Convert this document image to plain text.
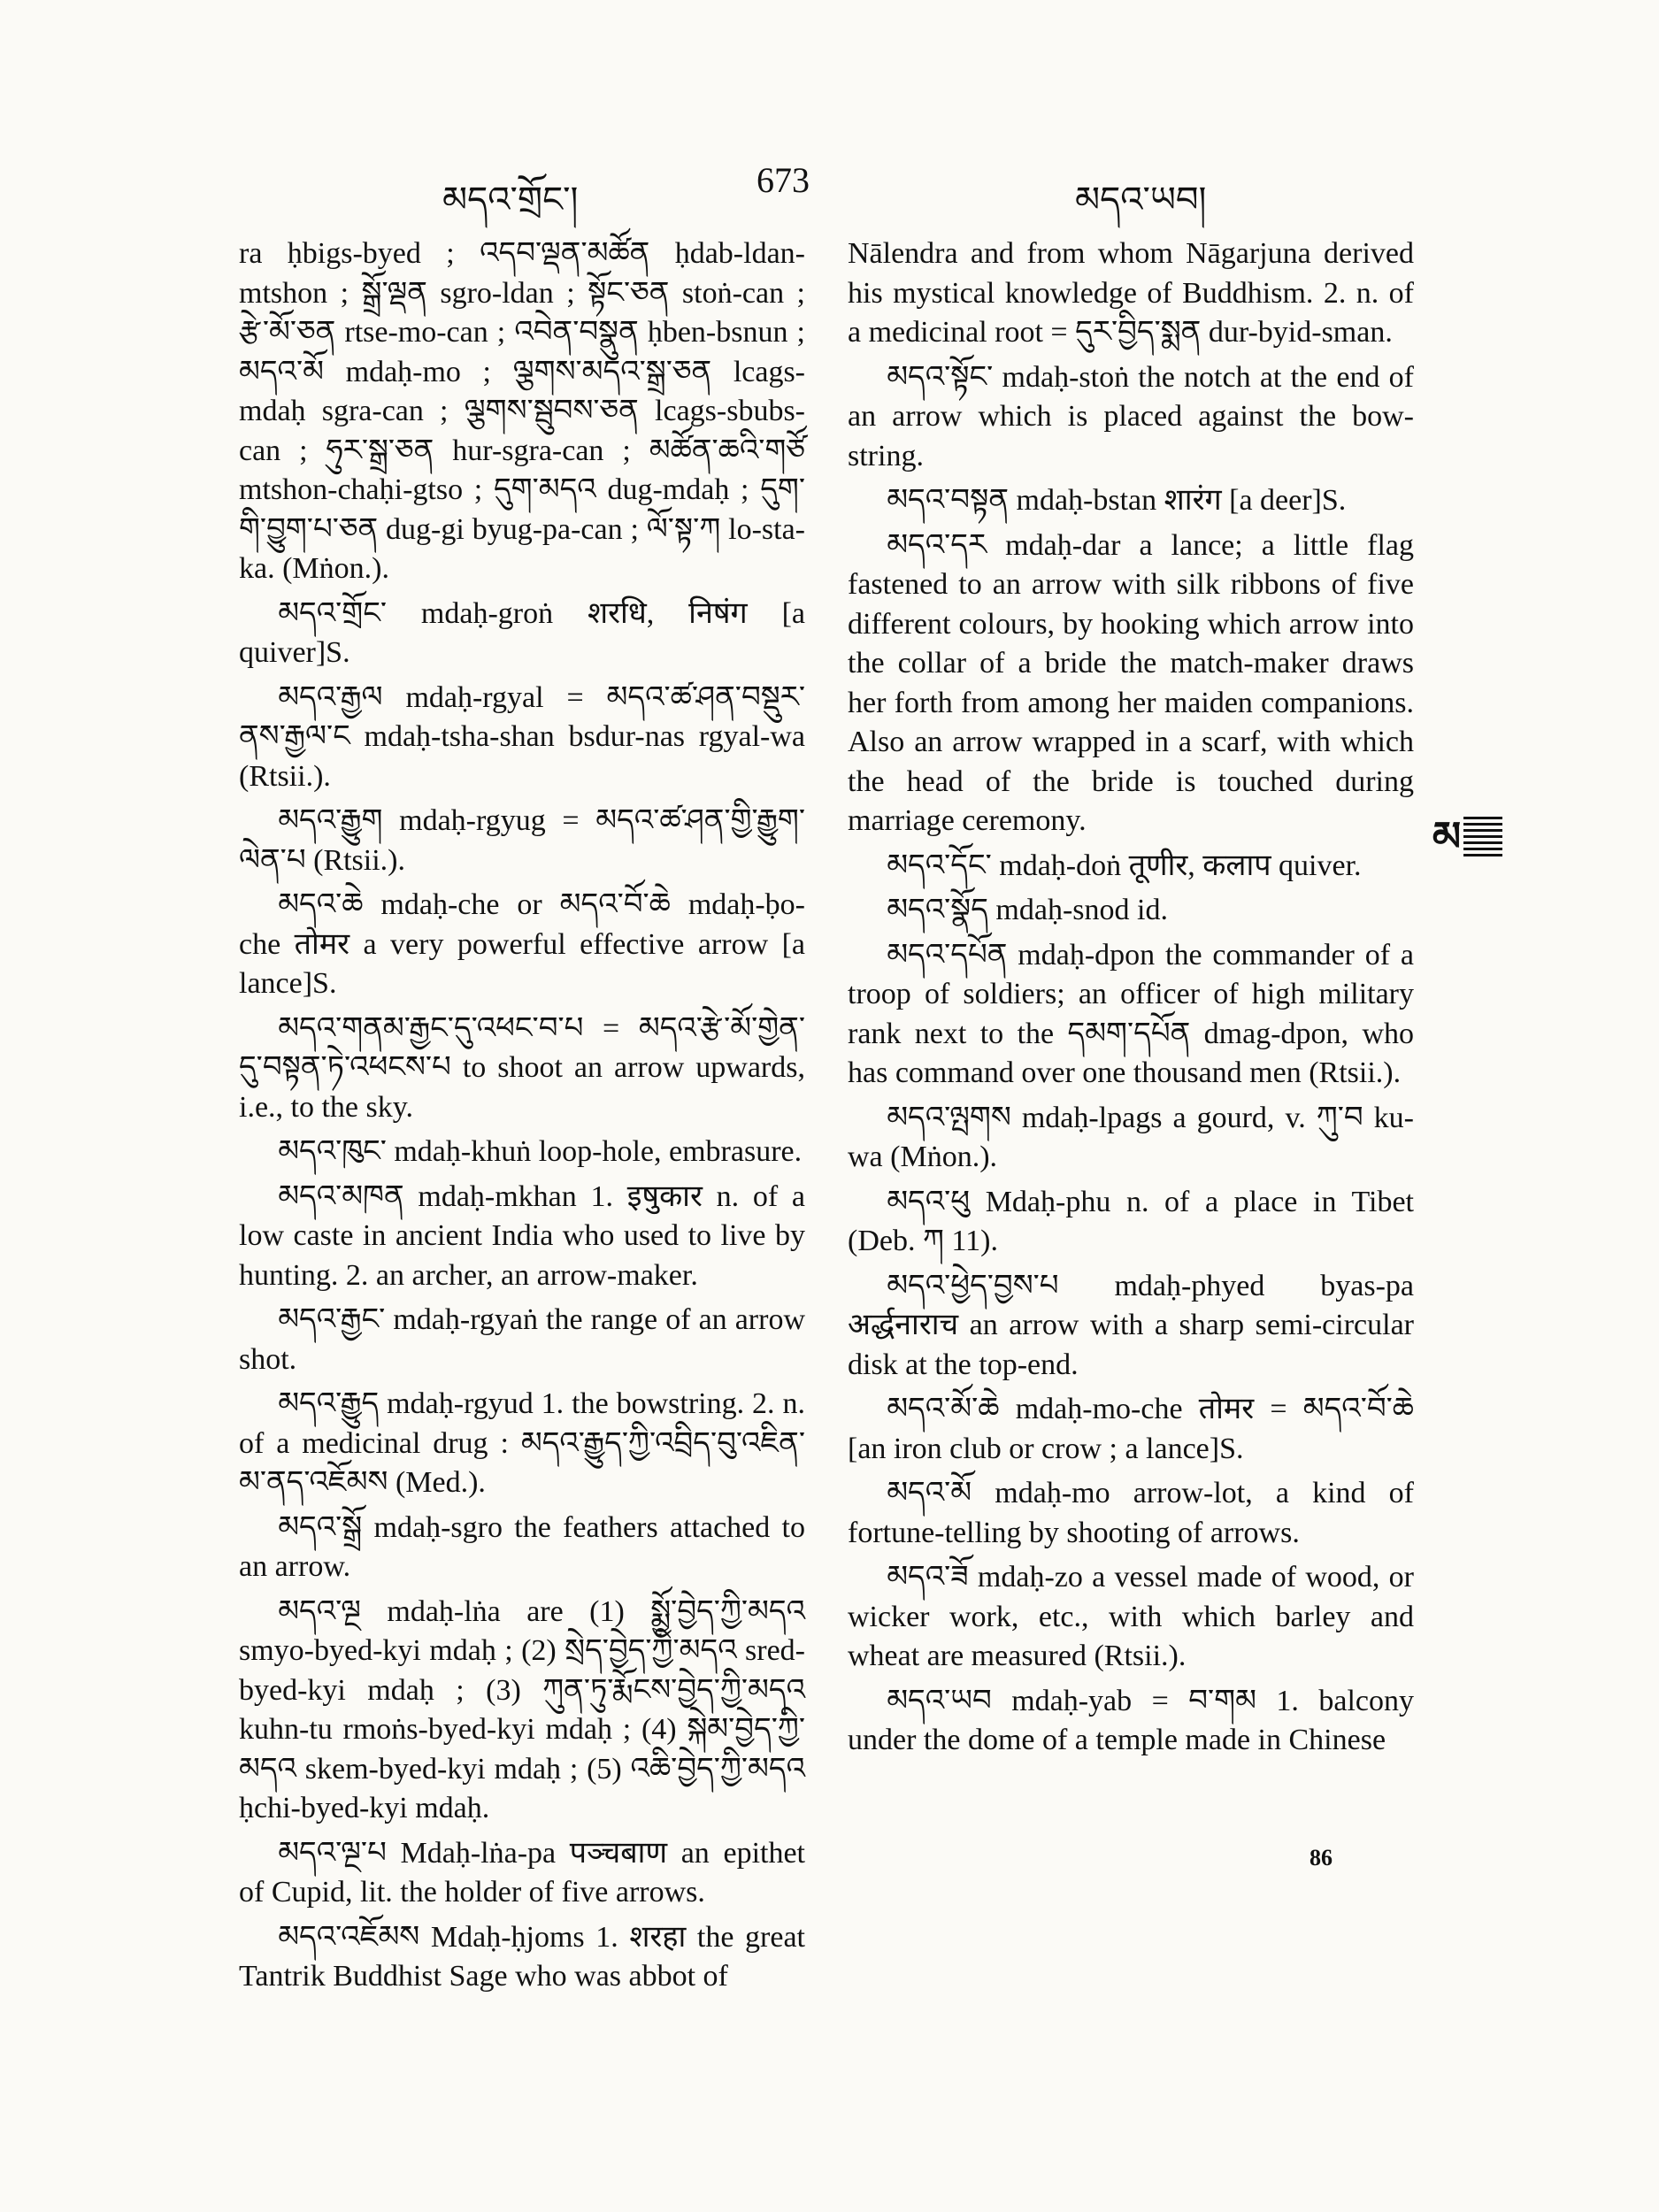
མདའ་གྲོང་།	673	མདའ་ཡབ།

ra ḥbigs-byed ; འདབ་ལྡན་མཚོན ḥdab-ldan-mtshon ; སྒྲོ་ལྡན sgro-ldan ; སྟོང་ཅན stoṅ-can ; རྩེ་མོ་ཅན rtse-mo-can ; འབེན་བསྣུན ḥben-bsnun ; མདའ་མོ mdaḥ-mo ; ལྕགས་མདའ་སྒྲ་ཅན lcags-mdaḥ sgra-can ; ལྕགས་སྦུབས་ཅན lcags-sbubs-can ; ཧུར་སྒྲ་ཅན hur-sgra-can ; མཚོན་ཆའི་གཙོ mtshon-chaḥi-gtso ; དུག་མདའ dug-mdaḥ ; དུག་གི་བྱུག་པ་ཅན dug-gi byug-pa-can ; ལོ་སྟ་ཀ lo-sta-ka. (Mṅon.).

མདའ་གྲོང་ mdaḥ-groṅ शरधि, निषंग [a quiver]S.

མདའ་རྒྱལ mdaḥ-rgyal = མདའ་ཚ་ཤན་བསྡུར་ནས་རྒྱལ་ང mdaḥ-tsha-shan bsdur-nas rgyal-wa (Rtsii.).

མདའ་རྒྱུག mdaḥ-rgyug = མདའ་ཚ་ཤན་གྱི་རྒྱུག་ལེན་པ (Rtsii.).

མདའ་ཆེ mdaḥ-che or མདའ་བོ་ཆེ mdaḥ-ḅo-che तोमर a very powerful effective arrow [a lance]S.

མདའ་གནམ་རྒྱང་དུ་འཕང་བ་པ = མདའ་རྩེ་མོ་གྱེན་དུ་བསྟན་ཏེ་འཕངས་པ to shoot an arrow upwards, i.e., to the sky.

མདའ་ཁུང་ mdaḥ-khuṅ loop-hole, embrasure.

མདའ་མཁན mdaḥ-mkhan 1. इषुकार n. of a low caste in ancient India who used to live by hunting. 2. an archer, an arrow-maker.

མདའ་རྒྱང་ mdaḥ-rgyaṅ the range of an arrow shot.

མདའ་རྒྱུད mdaḥ-rgyud 1. the bowstring. 2. n. of a medicinal drug : མདའ་རྒྱུད་ཀྱི་འབྲིད་བུ་འཇིན་མ་ནད་འཇོམས (Med.).

མདའ་སྒྲོ mdaḥ-sgro the feathers attached to an arrow.

མདའ་ལྔ mdaḥ-lṅa are (1) སྨྱོ་བྱེད་ཀྱི་མདའ smyo-byed-kyi mdaḥ ; (2) སྲེད་བྱེད་ཀྱི་མདའ sred-byed-kyi mdaḥ ; (3) ཀུན་ཏུ་རྨོངས་བྱེད་ཀྱི་མདའ kuhn-tu rmoṅs-byed-kyi mdaḥ ; (4) སྐེམ་བྱེད་ཀྱི་མདའ skem-byed-kyi mdaḥ ; (5) འཆི་བྱེད་ཀྱི་མདའ ḥchi-byed-kyi mdaḥ.

མདའ་ལྔ་པ Mdaḥ-lṅa-pa पञ्चबाण an epithet of Cupid, lit. the holder of five arrows.

མདའ་འཇོམས Mdaḥ-ḥjoms 1. शरहा the great Tantrik Buddhist Sage who was abbot of

Nālendra and from whom Nāgarjuna derived his mystical knowledge of Buddhism. 2. n. of a medicinal root = དུར་བྱིད་སྨན dur-byid-sman.

མདའ་སྟོང་ mdaḥ-stoṅ the notch at the end of an arrow which is placed against the bow-string.

མདའ་བསྟན mdaḥ-bstan शारंग [a deer]S.

མདའ་དར mdaḥ-dar a lance; a little flag fastened to an arrow with silk ribbons of five different colours, by hooking which arrow into the collar of a bride the match-maker draws her forth from among her maiden companions. Also an arrow wrapped in a scarf, with which the head of the bride is touched during marriage ceremony.

མདའ་དོང་ mdaḥ-doṅ तूणीर, कलाप quiver.

མདའ་སྣོད mdaḥ-snod id.

མདའ་དཔོན mdaḥ-dpon the commander of a troop of soldiers; an officer of high military rank next to the དམག་དཔོན dmag-dpon, who has command over one thousand men (Rtsii.).

མདའ་ལྤགས mdaḥ-lpags a gourd, v. ཀུ་བ ku-wa (Mṅon.).

མདའ་ཕུ Mdaḥ-phu n. of a place in Tibet (Deb. ཀ 11).

མདའ་ཕྱེད་བྱས་པ mdaḥ-phyed byas-pa अर्द्धनाराच an arrow with a sharp semi-circular disk at the top-end.

མདའ་མོ་ཆེ mdaḥ-mo-che तोमर = མདའ་བོ་ཆེ [an iron club or crow ; a lance]S.

མདའ་མོ mdaḥ-mo arrow-lot, a kind of fortune-telling by shooting of arrows.

མདའ་ཟོ mdaḥ-zo a vessel made of wood, or wicker work, etc., with which barley and wheat are measured (Rtsii.).

མདའ་ཡབ mdaḥ-yab = བ་གམ 1. balcony under the dome of a temple made in Chinese

མ
86
